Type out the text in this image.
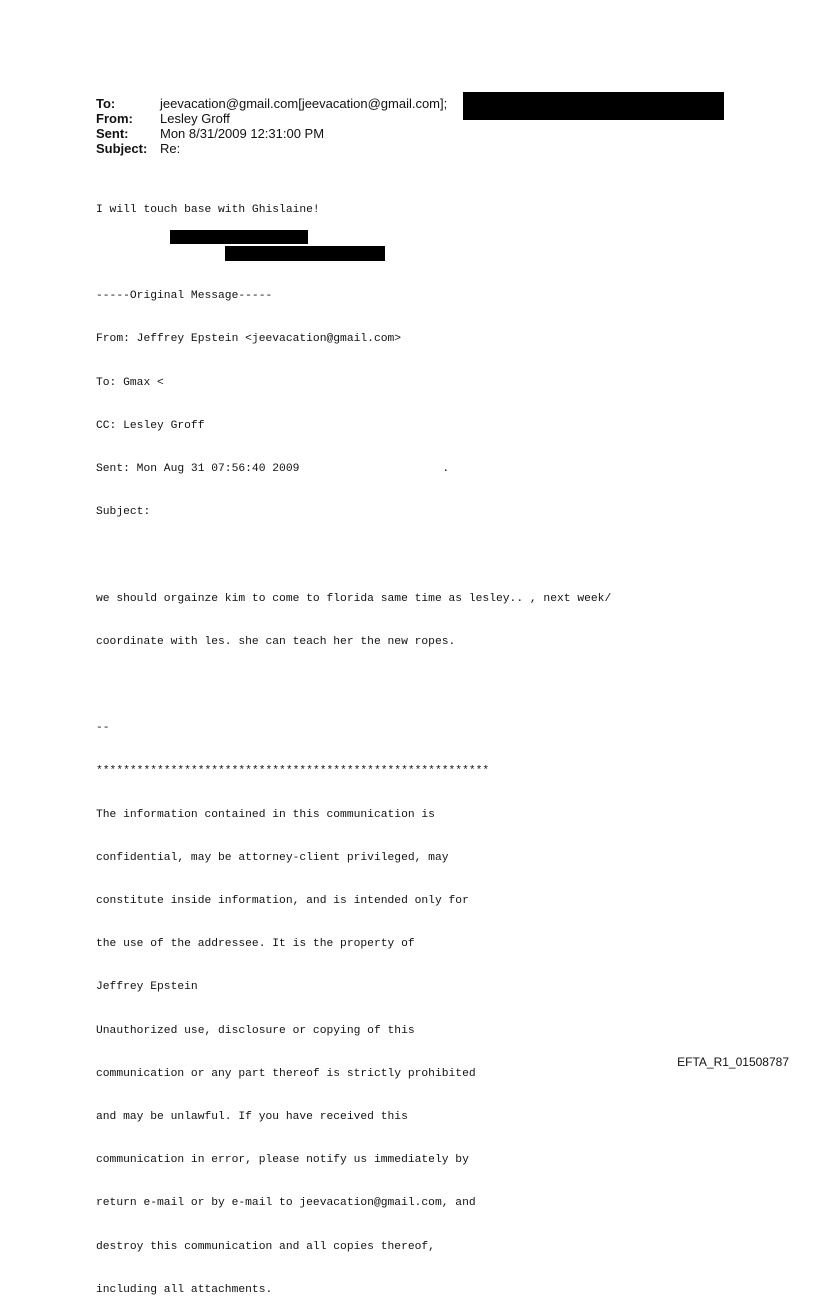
To:	jeevacation@gmail.com[jeevacation@gmail.com];
From: Lesley Groff
Sent: Mon 8/31/2009 12:31:00 PM
Subject: Re:

I will touch base with Ghislaine!

-----Original Message-----

From: Jeffrey Epstein <jeevacation@gmail.com>

To: Gmax <

CC: Lesley Groff

Sent: Mon Aug 31 07:56:40 2009	.

Subject:

we should orgainze kim to come to florida same time as lesley.. , next week/

coordinate with les. she can teach her the new ropes.

--

**********************************************************

The information contained in this communication is

confidential, may be attorney-client privileged, may

constitute inside information, and is intended only for

the use of the addressee. It is the property of

Jeffrey Epstein

Unauthorized use, disclosure or copying of this

communication or any part thereof is strictly prohibited

and may be unlawful. If you have received this

communication in error, please notify us immediately by

return e-mail or by e-mail to jeevacation@gmail.com, and

destroy this communication and all copies thereof,

including all attachments.

EFTA_R1_01508787
